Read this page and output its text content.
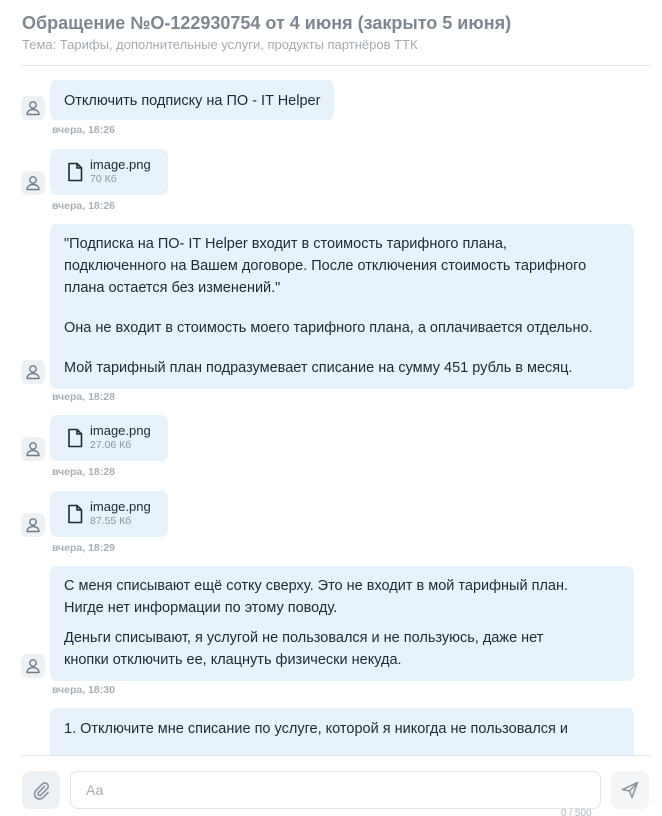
Обращение №О-122930754 от 4 июня (закрыто 5 июня)
Тема: Тарифы, дополнительные услуги, продукты партнёров ТТК

Отключить подписку на ПО - IT Helper

вчера, 18:26
image.png
70 Кб
вчера, 18:26

"Подписка на ПО- IT Helper входит в стоимость тарифного плана,

подключенного на Вашем договоре. После отключения стоимость тарифного

плана остается без изменений."

Она не входит в стоимость моего тарифного плана, а оплачивается отдельно.

Мой тарифный план подразумевает списание на сумму 451 рубль в месяц.

вчера, 18:28
image.png
27.06 Кб
вчера, 18:28
image.png
87.55 Кб
вчера, 18:29

С меня списывают ещё сотку сверху. Это не входит в мой тарифный план.

Нигде нет информации по этому поводу.

Деньги списывают, я услугой не пользовался и не пользуюсь, даже нет

кнопки отключить ее, клацнуть физически некуда.

вчера, 18:30

1. Отключите мне списание по услуге, которой я никогда не пользовался и

Аа
0 / 500
